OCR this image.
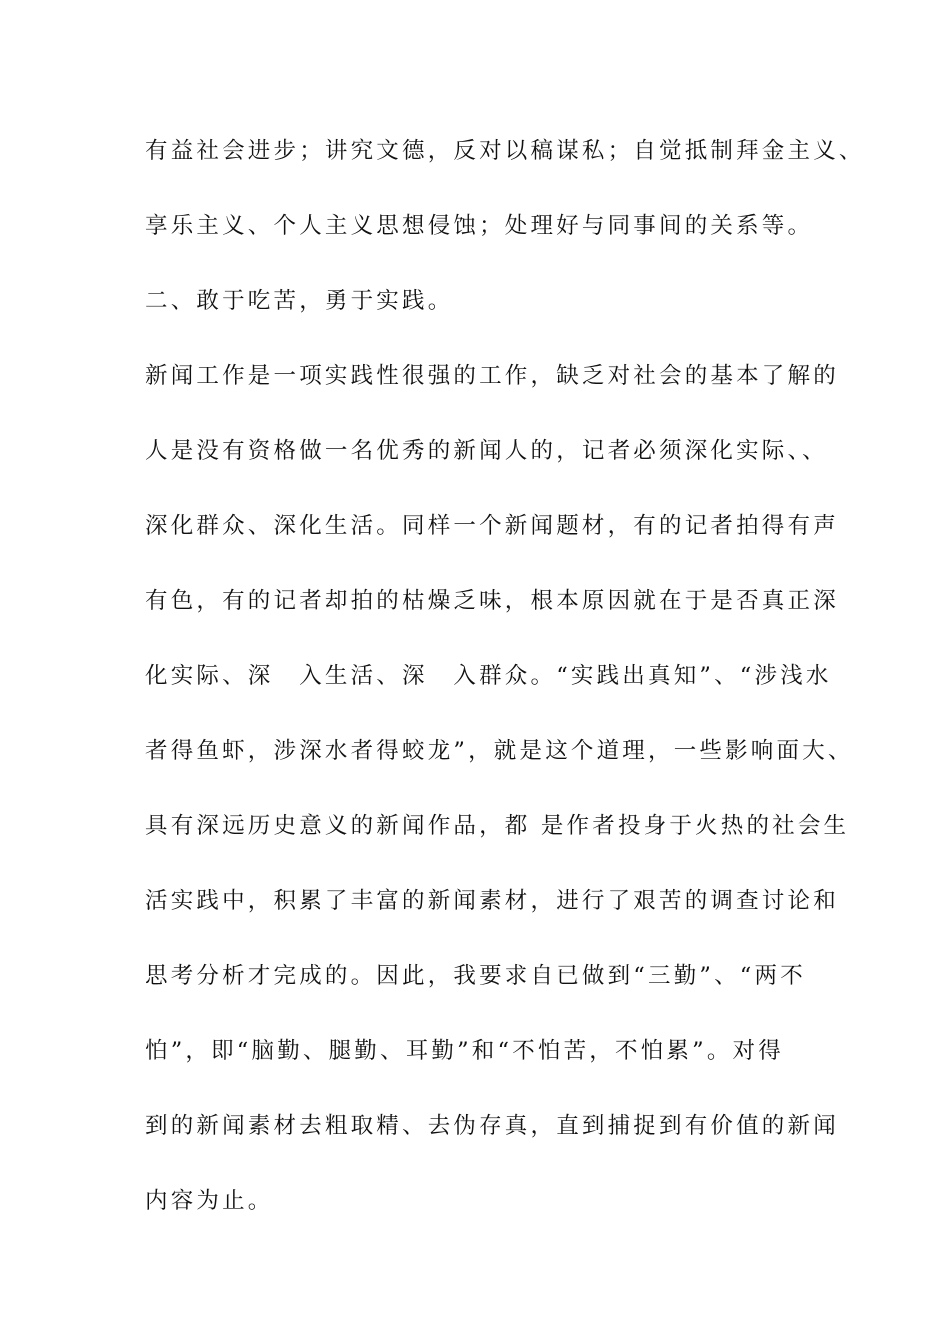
有益社会进步；讲究文德，反对以稿谋私；自觉抵制拜金主义、
享乐主义、个人主义思想侵蚀；处理好与同事间的关系等。
二、敢于吃苦，勇于实践。
新闻工作是一项实践性很强的工作，缺乏对社会的基本了解的
人是没有资格做一名优秀的新闻人的，记者必须深化实际、、
深化群众、深化生活。同样一个新闻题材，有的记者拍得有声
有色，有的记者却拍的枯燥乏味，根本原因就在于是否真正深
化实际、深　入生活、深　入群众。“实践出真知”、“涉浅水
者得鱼虾，涉深水者得蛟龙”，就是这个道理，一些影响面大、
具有深远历史意义的新闻作品，都 是作者投身于火热的社会生
活实践中，积累了丰富的新闻素材，进行了艰苦的调查讨论和
思考分析才完成的。因此，我要求自已做到“三勤”、“两不
怕”，即“脑勤、腿勤、耳勤”和“不怕苦，不怕累”。对得
到的新闻素材去粗取精、去伪存真，直到捕捉到有价值的新闻
内容为止。
